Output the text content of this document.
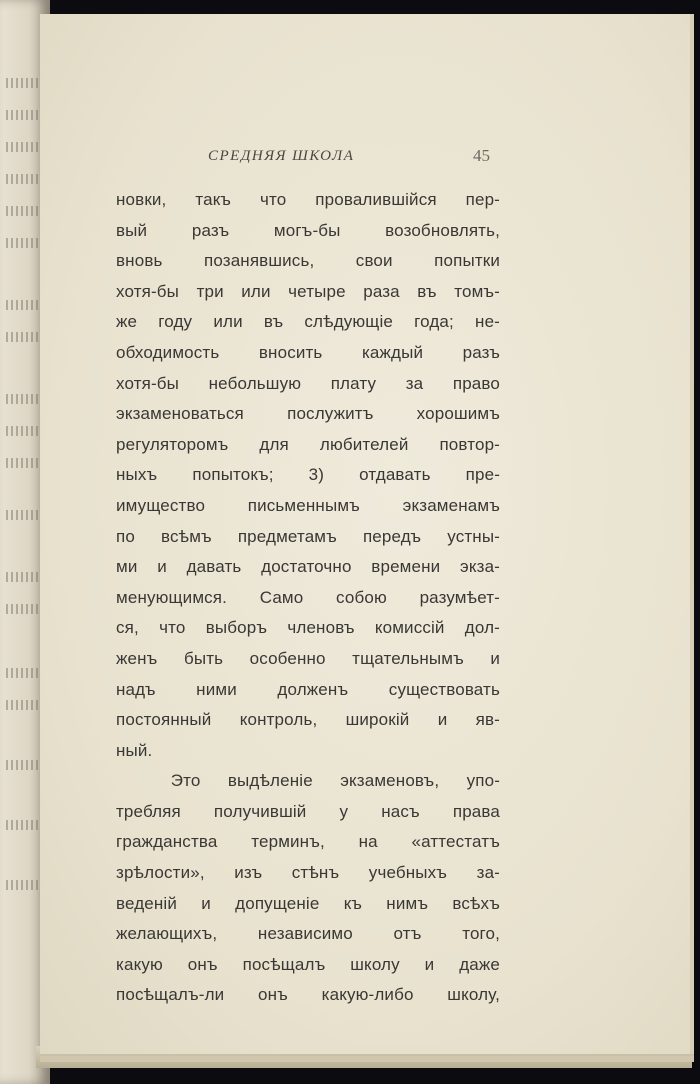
СРЕДНЯЯ ШКОЛА	45
новки, такъ что провалившійся пер-
вый разъ могъ-бы возобновлять,
вновь позанявшись, свои попытки
хотя-бы три или четыре раза въ томъ-
же году или въ слѣдующіе года; не-
обходимость вносить каждый разъ
хотя-бы небольшую плату за право
экзаменоваться послужитъ хорошимъ
регуляторомъ для любителей повтор-
ныхъ попытокъ; 3) отдавать пре-
имущество письменнымъ экзаменамъ
по всѣмъ предметамъ передъ устны-
ми и давать достаточно времени экза-
менующимся. Само собою разумѣет-
ся, что выборъ членовъ комиссій дол-
женъ быть особенно тщательнымъ и
надъ ними долженъ существовать
постоянный контроль, широкій и яв-
ный.
Это выдѣленіе экзаменовъ, упо-
требляя получившій у насъ права
гражданства терминъ, на «аттестатъ
зрѣлости», изъ стѣнъ учебныхъ за-
веденій и допущеніе къ нимъ всѣхъ
желающихъ, независимо отъ того,
какую онъ посѣщалъ школу и даже
посѣщалъ-ли онъ какую-либо школу,
